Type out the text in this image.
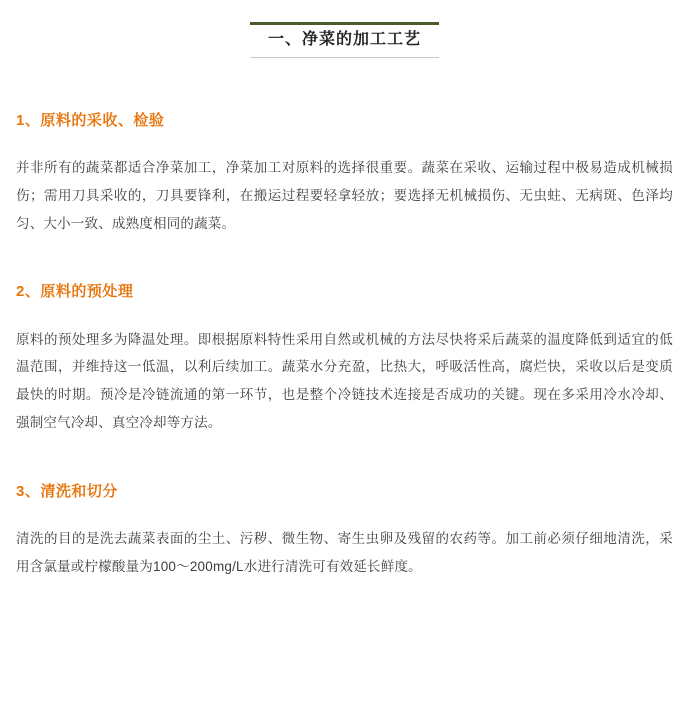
一、净菜的加工工艺
1、原料的采收、检验
并非所有的蔬菜都适合净菜加工，净菜加工对原料的选择很重要。蔬菜在采收、运输过程中极易造成机械损伤；需用刀具采收的，刀具要锋利，在搬运过程要轻拿轻放；要选择无机械损伤、无虫蛀、无病斑、色泽均匀、大小一致、成熟度相同的蔬菜。
2、原料的预处理
原料的预处理多为降温处理。即根据原料特性采用自然或机械的方法尽快将采后蔬菜的温度降低到适宜的低温范围，并维持这一低温，以利后续加工。蔬菜水分充盈，比热大，呼吸活性高，腐烂快，采收以后是变质最快的时期。预冷是冷链流通的第一环节，也是整个冷链技术连接是否成功的关键。现在多采用冷水冷却、强制空气冷却、真空冷却等方法。
3、清洗和切分
清洗的目的是洗去蔬菜表面的尘土、污秽、微生物、寄生虫卵及残留的农药等。加工前必须仔细地清洗，采用含氯量或柠檬酸量为100～200mg/L水进行清洗可有效延长鲜度。
